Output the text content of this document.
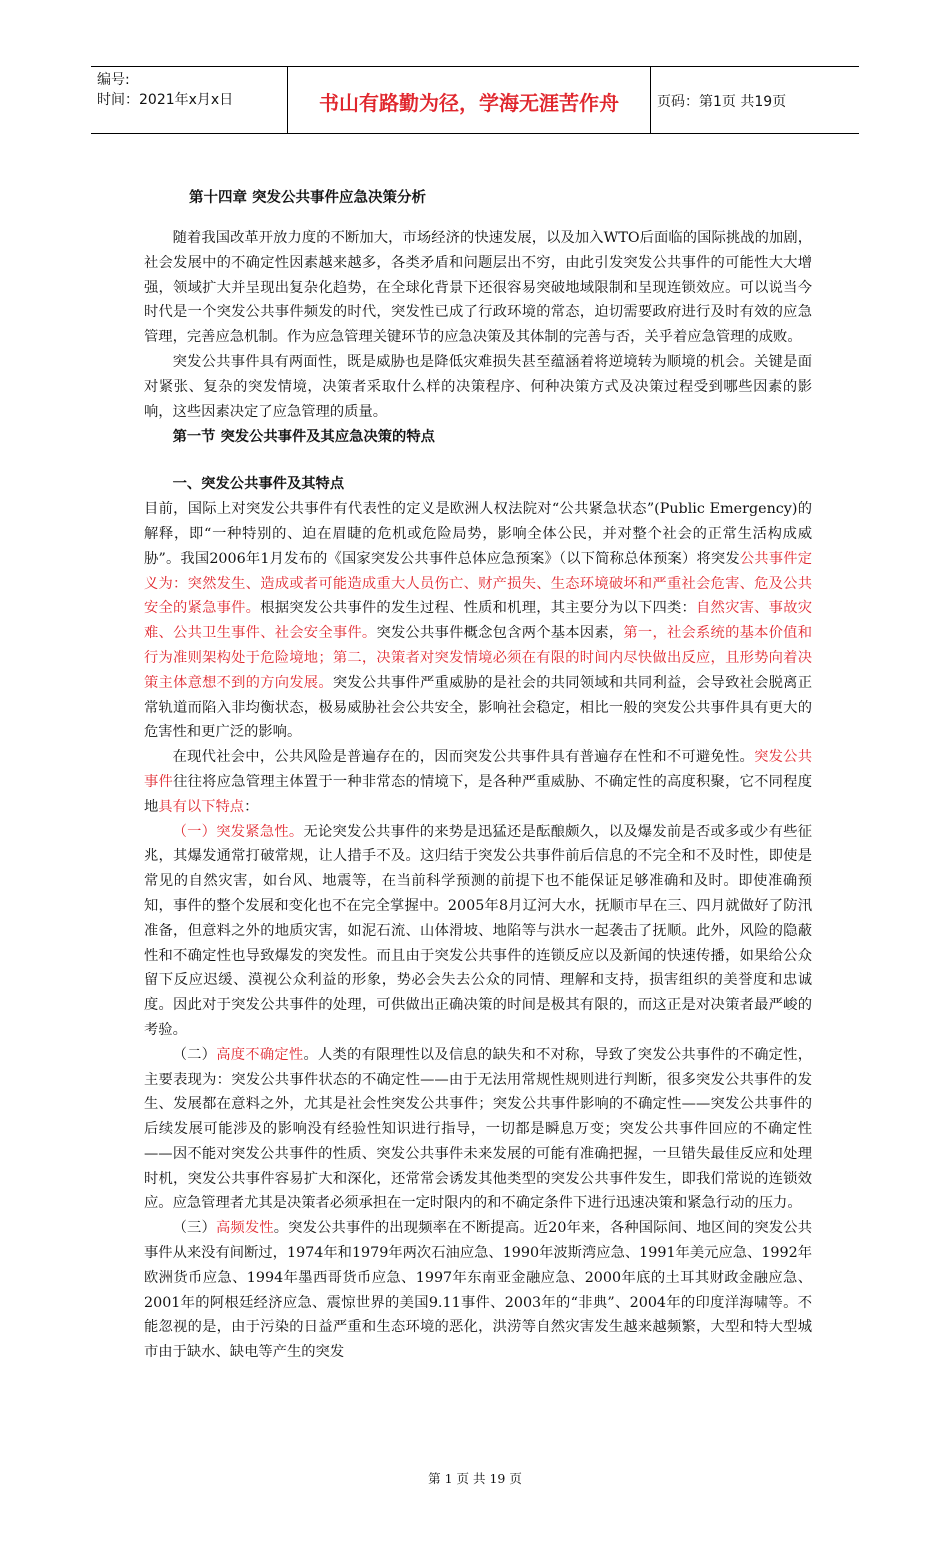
编号:
时间：2021年x月x日	书山有路勤为径，学海无涯苦作舟	页码：第1页 共19页
第十四章 突发公共事件应急决策分析

随着我国改革开放力度的不断加大，市场经济的快速发展，以及加入WTO后面临的国际挑战的加剧，社会发展中的不确定性因素越来越多，各类矛盾和问题层出不穷，由此引发突发公共事件的可能性大大增强，领域扩大并呈现出复杂化趋势，在全球化背景下还很容易突破地域限制和呈现连锁效应。可以说当今时代是一个突发公共事件频发的时代，突发性已成了行政环境的常态，迫切需要政府进行及时有效的应急管理，完善应急机制。作为应急管理关键环节的应急决策及其体制的完善与否，关乎着应急管理的成败。

突发公共事件具有两面性，既是威胁也是降低灾难损失甚至蕴涵着将逆境转为顺境的机会。关键是面对紧张、复杂的突发情境，决策者采取什么样的决策程序、何种决策方式及决策过程受到哪些因素的影响，这些因素决定了应急管理的质量。

第一节 突发公共事件及其应急决策的特点
一、突发公共事件及其特点

目前，国际上对突发公共事件有代表性的定义是欧洲人权法院对“公共紧急状态”(Public Emergency)的解释，即“一种特别的、迫在眉睫的危机或危险局势，影响全体公民，并对整个社会的正常生活构成威胁”。我国2006年1月发布的《国家突发公共事件总体应急预案》（以下简称总体预案）将突发公共事件定义为：突然发生、造成或者可能造成重大人员伤亡、财产损失、生态环境破坏和严重社会危害、危及公共安全的紧急事件。根据突发公共事件的发生过程、性质和机理，其主要分为以下四类：自然灾害、事故灾难、公共卫生事件、社会安全事件。突发公共事件概念包含两个基本因素，第一，社会系统的基本价值和行为准则架构处于危险境地；第二，决策者对突发情境必须在有限的时间内尽快做出反应，且形势向着决策主体意想不到的方向发展。突发公共事件严重威胁的是社会的共同领域和共同利益，会导致社会脱离正常轨道而陷入非均衡状态，极易威胁社会公共安全，影响社会稳定，相比一般的突发公共事件具有更大的危害性和更广泛的影响。

在现代社会中，公共风险是普遍存在的，因而突发公共事件具有普遍存在性和不可避免性。突发公共事件往往将应急管理主体置于一种非常态的情境下，是各种严重威胁、不确定性的高度积聚，它不同程度地具有以下特点：

（一）突发紧急性。无论突发公共事件的来势是迅猛还是酝酿颇久，以及爆发前是否或多或少有些征兆，其爆发通常打破常规，让人措手不及。这归结于突发公共事件前后信息的不完全和不及时性，即使是常见的自然灾害，如台风、地震等，在当前科学预测的前提下也不能保证足够准确和及时。即使准确预知，事件的整个发展和变化也不在完全掌握中。2005年8月辽河大水，抚顺市早在三、四月就做好了防汛准备，但意料之外的地质灾害，如泥石流、山体滑坡、地陷等与洪水一起袭击了抚顺。此外，风险的隐蔽性和不确定性也导致爆发的突发性。而且由于突发公共事件的连锁反应以及新闻的快速传播，如果给公众留下反应迟缓、漠视公众利益的形象，势必会失去公众的同情、理解和支持，损害组织的美誉度和忠诚度。因此对于突发公共事件的处理，可供做出正确决策的时间是极其有限的，而这正是对决策者最严峻的考验。

（二）高度不确定性。人类的有限理性以及信息的缺失和不对称，导致了突发公共事件的不确定性，主要表现为：突发公共事件状态的不确定性——由于无法用常规性规则进行判断，很多突发公共事件的发生、发展都在意料之外，尤其是社会性突发公共事件；突发公共事件影响的不确定性——突发公共事件的后续发展可能涉及的影响没有经验性知识进行指导，一切都是瞬息万变；突发公共事件回应的不确定性——因不能对突发公共事件的性质、突发公共事件未来发展的可能有准确把握，一旦错失最佳反应和处理时机，突发公共事件容易扩大和深化，还常常会诱发其他类型的突发公共事件发生，即我们常说的连锁效应。应急管理者尤其是决策者必须承担在一定时限内的和不确定条件下进行迅速决策和紧急行动的压力。

（三）高频发性。突发公共事件的出现频率在不断提高。近20年来，各种国际间、地区间的突发公共事件从来没有间断过，1974年和1979年两次石油应急、1990年波斯湾应急、1991年美元应急、1992年欧洲货币应急、1994年墨西哥货币应急、1997年东南亚金融应急、2000年底的土耳其财政金融应急、2001年的阿根廷经济应急、震惊世界的美国9.11事件、2003年的“非典”、2004年的印度洋海啸等。不能忽视的是，由于污染的日益严重和生态环境的恶化，洪涝等自然灾害发生越来越频繁，大型和特大型城市由于缺水、缺电等产生的突发

第 1 页 共 19 页
